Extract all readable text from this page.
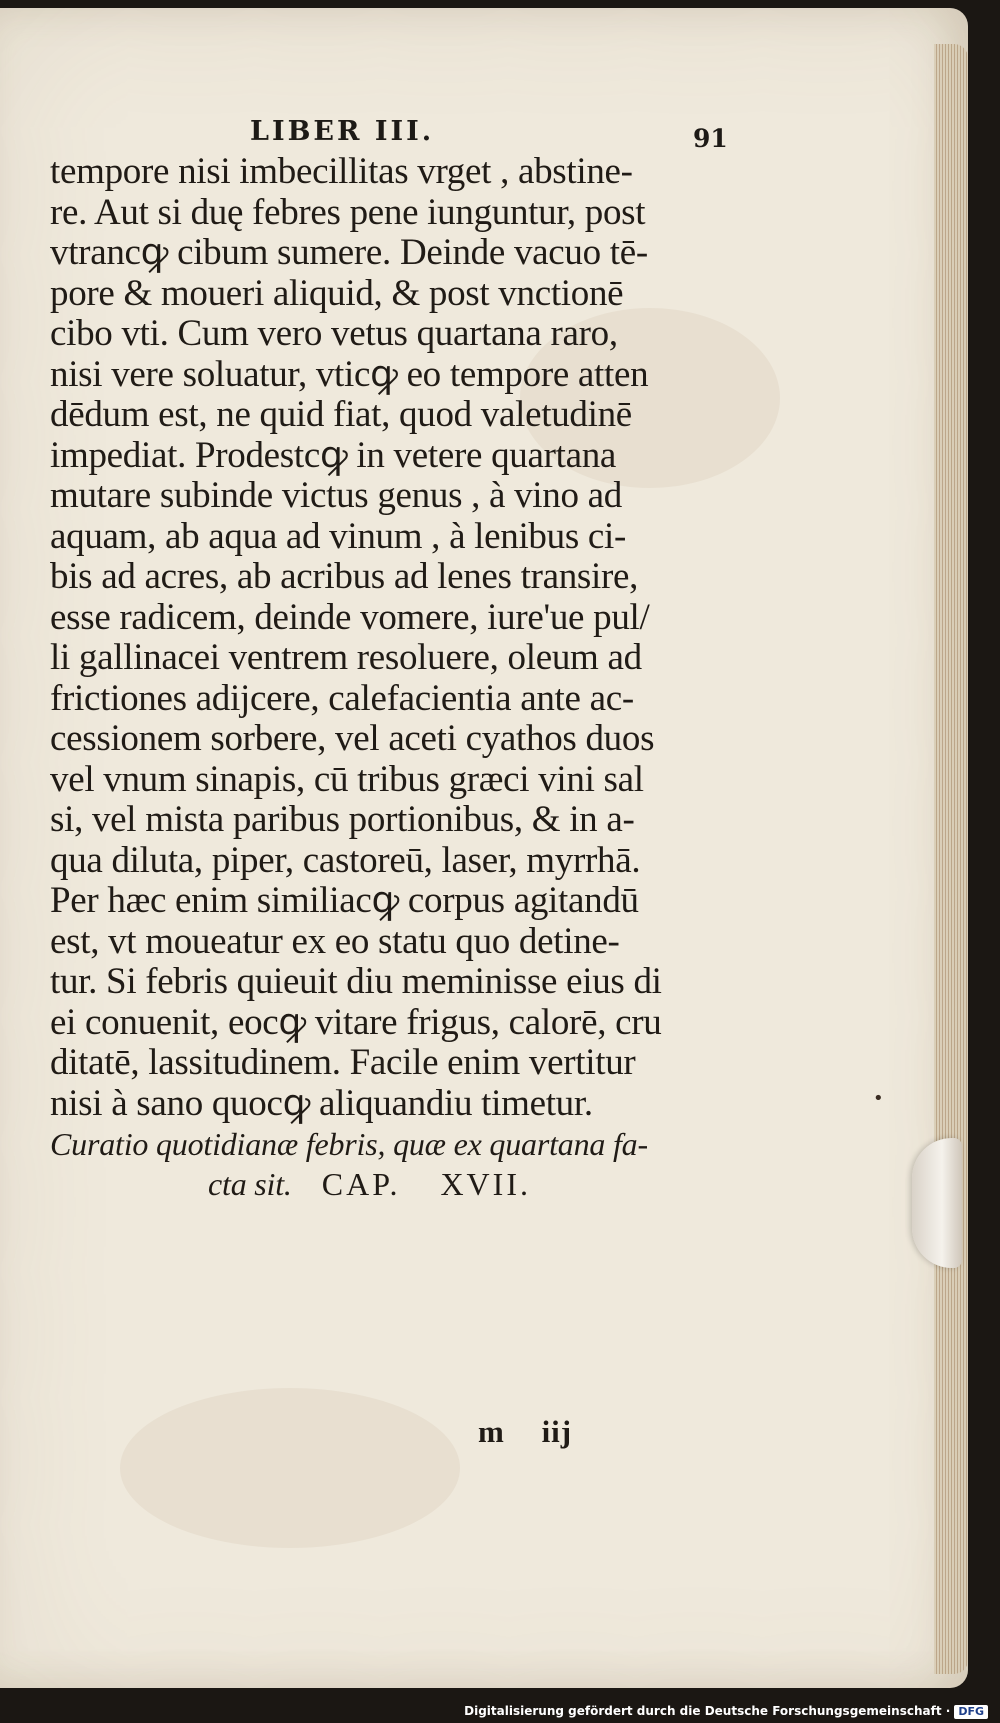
LIBER III.	91
tempore nisi imbecillitas vrget , abstine-
re. Aut si duę febres pene iunguntur, post
vtrancꝙ cibum sumere. Deinde vacuo tē-
pore & moueri aliquid, & post vnctionē
cibo vti. Cum vero vetus quartana raro,
nisi vere soluatur, vticꝙ eo tempore atten
dēdum est, ne quid fiat, quod valetudinē
impediat. Prodestcꝙ in vetere quartana
mutare subinde victus genus , à vino ad
aquam, ab aqua ad vinum , à lenibus ci-
bis ad acres, ab acribus ad lenes transire,
esse radicem, deinde vomere, iure'ue pul/
li gallinacei ventrem resoluere, oleum ad
frictiones adijcere, calefacientia ante ac-
cessionem sorbere, vel aceti cyathos duos
vel vnum sinapis, cū tribus græci vini sal
si, vel mista paribus portionibus, & in a-
qua diluta, piper, castoreū, laser, myrrhā.
Per hæc enim similiacꝙ corpus agitandū
est, vt moueatur ex eo statu quo detine-
tur. Si febris quieuit diu meminisse eius di
ei conuenit, eocꝙ vitare frigus, calorē, cru
ditatē, lassitudinem. Facile enim vertitur
nisi à sano quocꝙ aliquandiu timetur.
Curatio quotidianæ febris, quæ ex quartana fa-
cta sit. CAP. XVII.
m iij
•
Digitalisierung gefördert durch die Deutsche Forschungsgemeinschaft · DFG
